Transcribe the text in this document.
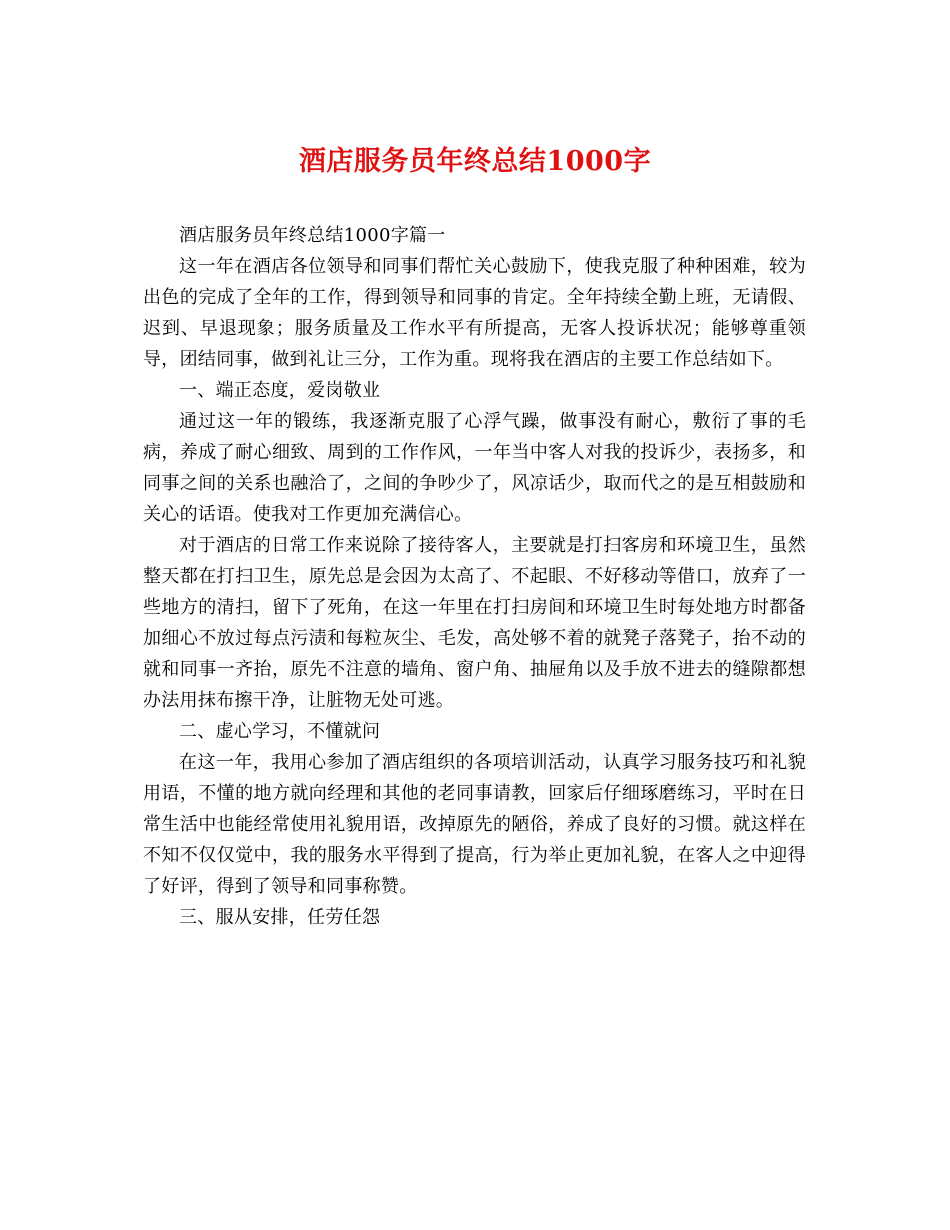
酒店服务员年终总结1000字

酒店服务员年终总结1000字篇一

这一年在酒店各位领导和同事们帮忙关心鼓励下，使我克服了种种困难，较为出色的完成了全年的工作，得到领导和同事的肯定。全年持续全勤上班，无请假、迟到、早退现象；服务质量及工作水平有所提高，无客人投诉状况；能够尊重领导，团结同事，做到礼让三分，工作为重。现将我在酒店的主要工作总结如下。

一、端正态度，爱岗敬业

通过这一年的锻练，我逐渐克服了心浮气躁，做事没有耐心，敷衍了事的毛病，养成了耐心细致、周到的工作作风，一年当中客人对我的投诉少，表扬多，和同事之间的关系也融洽了，之间的争吵少了，风凉话少，取而代之的是互相鼓励和关心的话语。使我对工作更加充满信心。

对于酒店的日常工作来说除了接待客人，主要就是打扫客房和环境卫生，虽然整天都在打扫卫生，原先总是会因为太高了、不起眼、不好移动等借口，放弃了一些地方的清扫，留下了死角，在这一年里在打扫房间和环境卫生时每处地方时都备加细心不放过每点污渍和每粒灰尘、毛发，高处够不着的就凳子落凳子，抬不动的就和同事一齐抬，原先不注意的墙角、窗户角、抽屉角以及手放不进去的缝隙都想办法用抹布擦干净，让脏物无处可逃。

二、虚心学习，不懂就问

在这一年，我用心参加了酒店组织的各项培训活动，认真学习服务技巧和礼貌用语，不懂的地方就向经理和其他的老同事请教，回家后仔细琢磨练习，平时在日常生活中也能经常使用礼貌用语，改掉原先的陋俗，养成了良好的习惯。就这样在不知不仅仅觉中，我的服务水平得到了提高，行为举止更加礼貌，在客人之中迎得了好评，得到了领导和同事称赞。

三、服从安排，任劳任怨
